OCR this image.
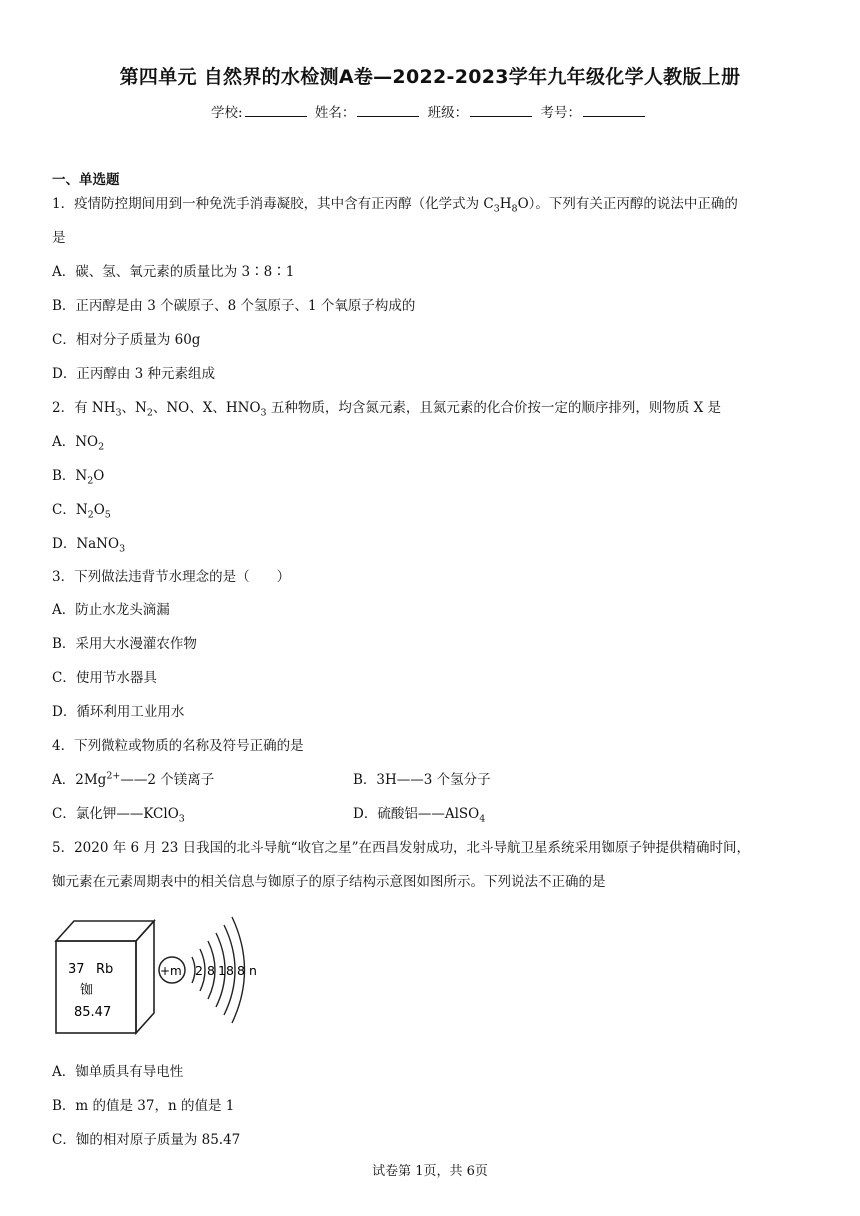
第四单元 自然界的水检测A卷—2022-2023学年九年级化学人教版上册
学校:	姓名：	班级：	考号：
一、单选题
1．疫情防控期间用到一种免洗手消毒凝胶，其中含有正丙醇（化学式为 $C_3H_8O$）。下列有关正丙醇的说法中正确的
是
A．碳、氢、氧元素的质量比为 3∶8∶1
B．正丙醇是由 3 个碳原子、8 个氢原子、1 个氧原子构成的
C．相对分子质量为 60g
D．正丙醇由 3 种元素组成
2．有 $NH_3$、$N_2$、NO、X、$HNO_3$ 五种物质，均含氮元素，且氮元素的化合价按一定的顺序排列，则物质 X 是
A．$NO_2$
B．$N_2O$
C．$N_2O_5$
D．NaNO$_3$
3．下列做法违背节水理念的是（　　）
A．防止水龙头滴漏
B．采用大水漫灌农作物
C．使用节水器具
D．循环利用工业用水
4．下列微粒或物质的名称及符号正确的是
A．$2Mg^{2+}——2$ 个镁离子	B．3H——3 个氢分子
C．氯化钾——KClO$_3$	D．硫酸铝——AlSO$_4$
5．2020 年 6 月 23 日我国的北斗导航“收官之星”在西昌发射成功，北斗导航卫星系统采用铷原子钟提供精确时间，
铷元素在元素周期表中的相关信息与铷原子的原子结构示意图如图所示。下列说法不正确的是
37 Rb
铷
85.47
+m 2 8 18 8 n
A．铷单质具有导电性
B．m 的值是 37，n 的值是 1
C．铷的相对原子质量为 85.47
试卷第 1页，共 6页
